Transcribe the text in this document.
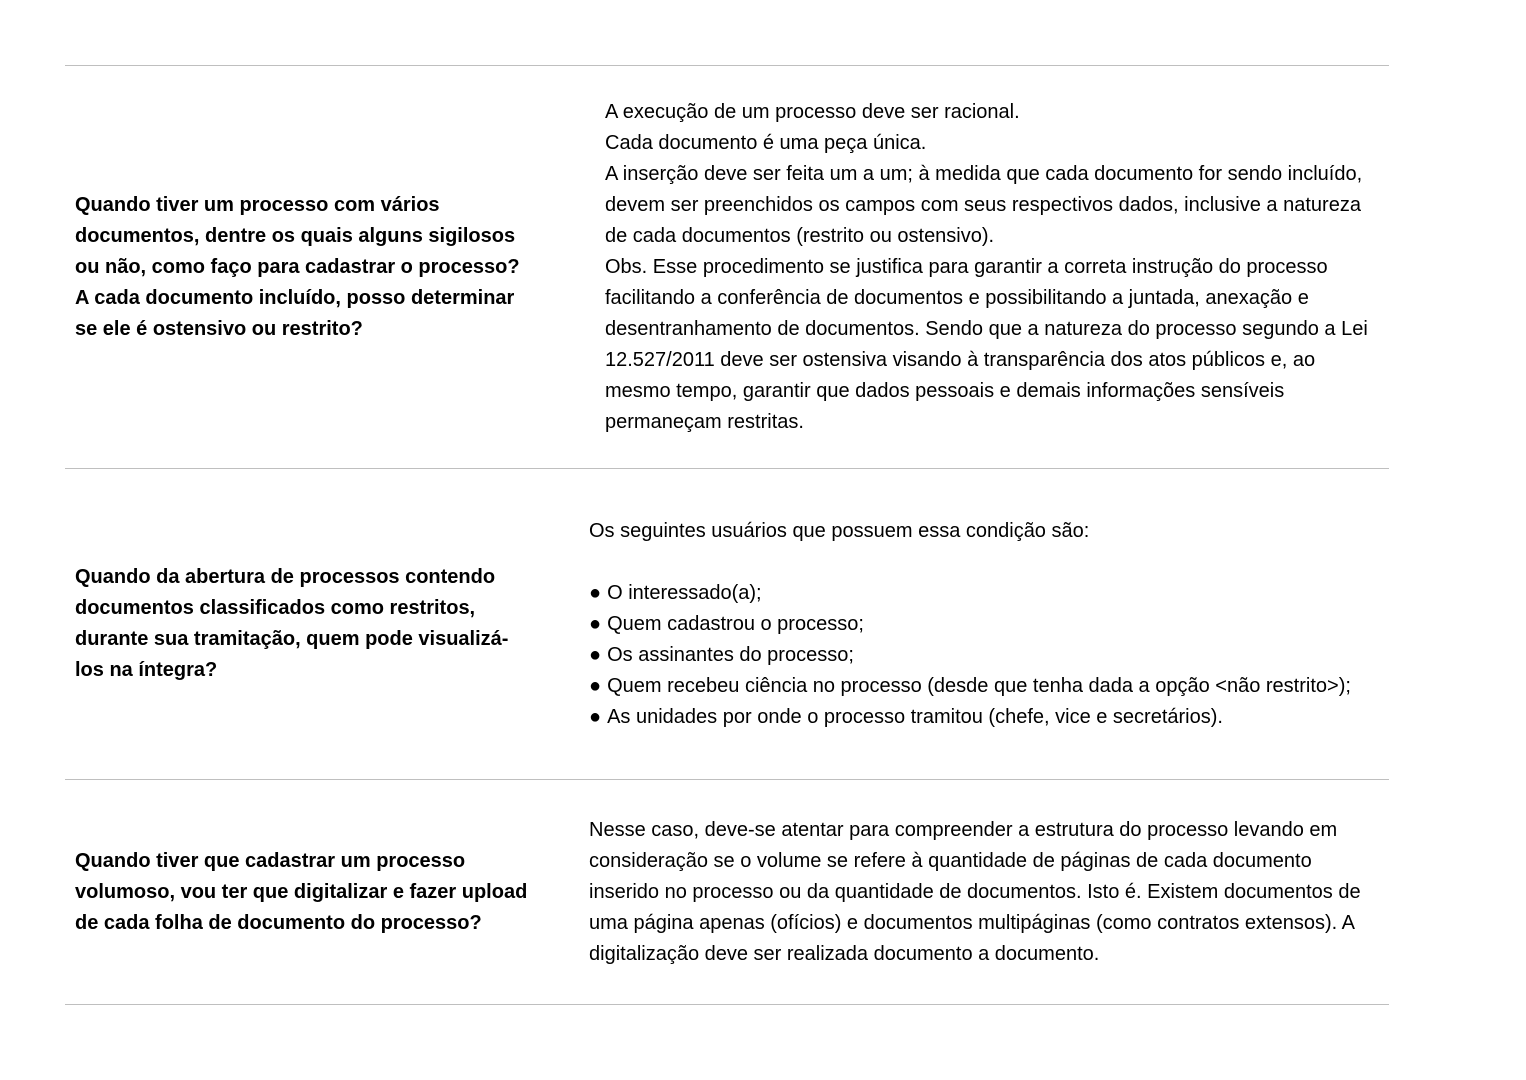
Quando tiver um processo com vários documentos, dentre os quais alguns sigilosos ou não, como faço para cadastrar o processo? A cada documento incluído, posso determinar se ele é ostensivo ou restrito?

A execução de um processo deve ser racional.

Cada documento é uma peça única.

A inserção deve ser feita um a um; à medida que cada documento for sendo incluído, devem ser preenchidos os campos com seus respectivos dados, inclusive a natureza de cada documentos (restrito ou ostensivo).

Obs. Esse procedimento se justifica para garantir a correta instrução do processo facilitando a conferência de documentos e possibilitando a juntada, anexação e desentranhamento de documentos. Sendo que a natureza do processo segundo a Lei 12.527/2011 deve ser ostensiva visando à transparência dos atos públicos e, ao mesmo tempo, garantir que dados pessoais e demais informações sensíveis permaneçam restritas.

Quando da abertura de processos contendo documentos classificados como restritos, durante sua tramitação, quem pode visualizá-los na íntegra?

Os seguintes usuários que possuem essa condição são:

● O interessado(a);

● Quem cadastrou o processo;

● Os assinantes do processo;

● Quem recebeu ciência no processo (desde que tenha dada a opção <não restrito>);

● As unidades por onde o processo tramitou (chefe, vice e secretários).

Quando tiver que cadastrar um processo volumoso, vou ter que digitalizar e fazer upload de cada folha de documento do processo?

Nesse caso, deve-se atentar para compreender a estrutura do processo levando em consideração se o volume se refere à quantidade de páginas de cada documento inserido no processo ou da quantidade de documentos. Isto é. Existem documentos de uma página apenas (ofícios) e documentos multipáginas (como contratos extensos). A digitalização deve ser realizada documento a documento.
